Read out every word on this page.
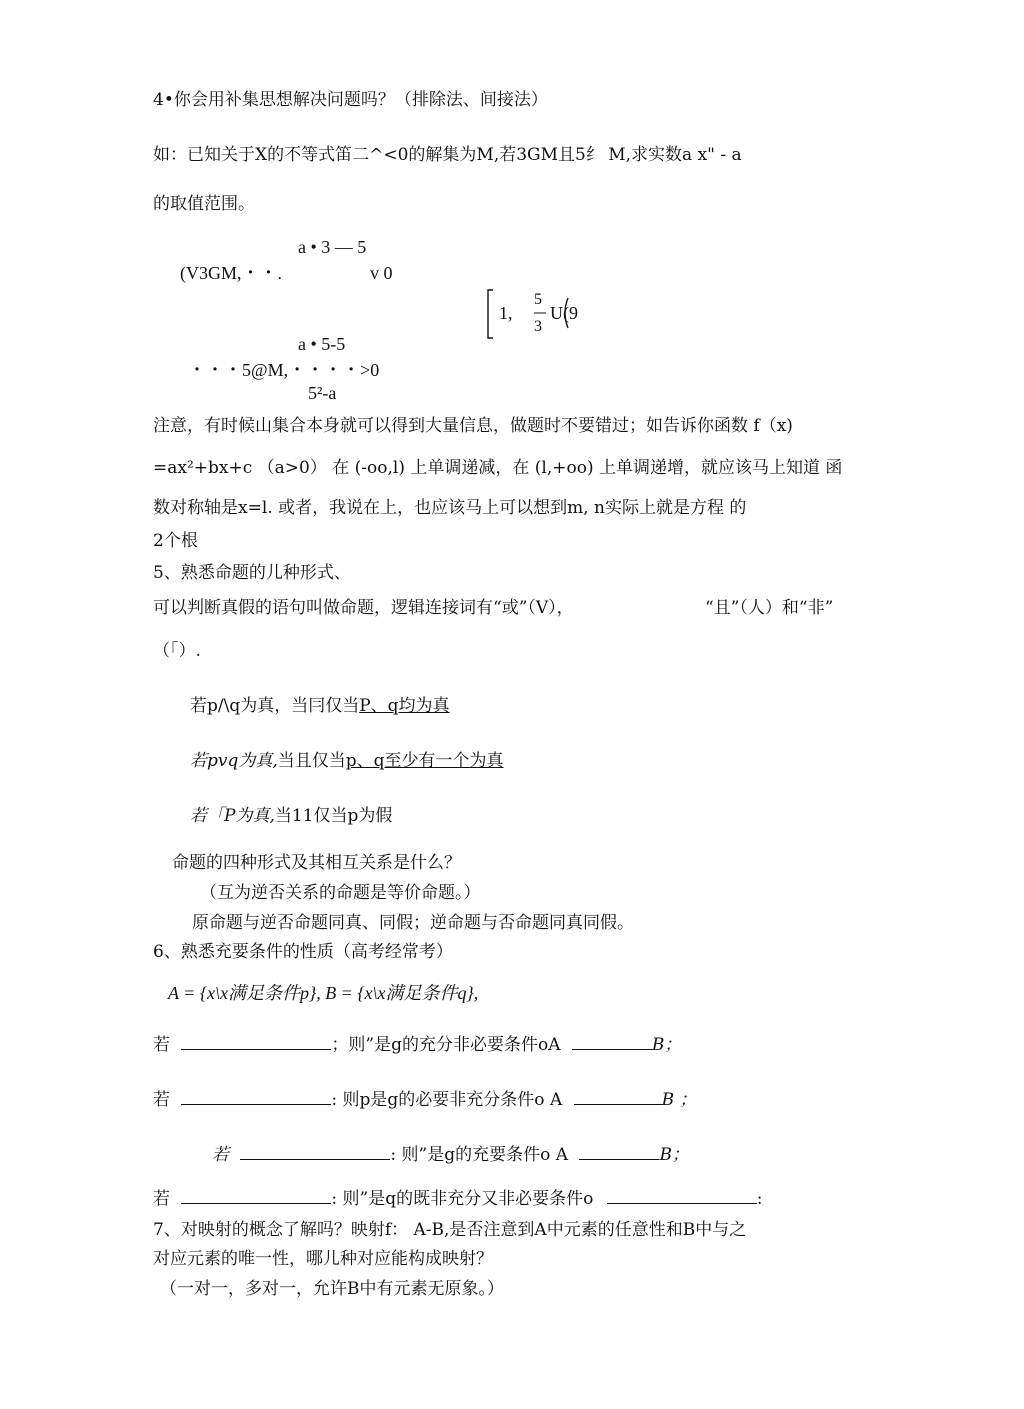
4•你会用补集思想解决问题吗？（排除法、间接法）
如：已知关于X的不等式笛二^<0的解集为M,若3GM且5纟 M,求实数a x" - a
的取值范围。
a • 3 — 5
(V3GM,・・.	v 0
1,
5
3
U(9
a • 5-5
・・・5@M,・・・・>0
5²-a
注意，有时候山集合本身就可以得到大量信息，做题时不要错过；如告诉你函数 f（x)
=ax²+bx+c （a>0） 在 (-oo,l) 上单调递减，在 (l,+oo) 上单调递增，就应该马上知道 函
数对称轴是x=l. 或者，我说在上，也应该马上可以想到m, n实际上就是方程 的
2个根
5、熟悉命题的儿种形式、
可以判断真假的语句叫做命题，逻辑连接词有“或”（V），	“且”（人）和“非”
（「）.
若p/\q为真，当冃仅当P、q均为真
若pvq为真,当且仅当p、q至少有一个为真
若「P为真,当11仅当p为假
命题的四种形式及其相互关系是什么？
（互为逆否关系的命题是等价命题。）
原命题与逆否命题同真、同假；逆命题与否命题同真同假。
6、熟悉充要条件的性质（高考经常考）
A = {x\x满足条件p}, B = {x\x满足条件q},
若	；则”是g的充分非必要条件oA	B；
若	: 则p是g的必要非充分条件o A	B ；
若	: 则”是g的充要条件o A	B；
若	: 则”是q的既非充分又非必要条件o	:
7、对映射的概念了解吗？映射f： A-B,是否注意到A中元素的任意性和B中与之
对应元素的唯一性，哪儿种对应能构成映射？
（一对一，多对一，允许B中有元素无原象。）
